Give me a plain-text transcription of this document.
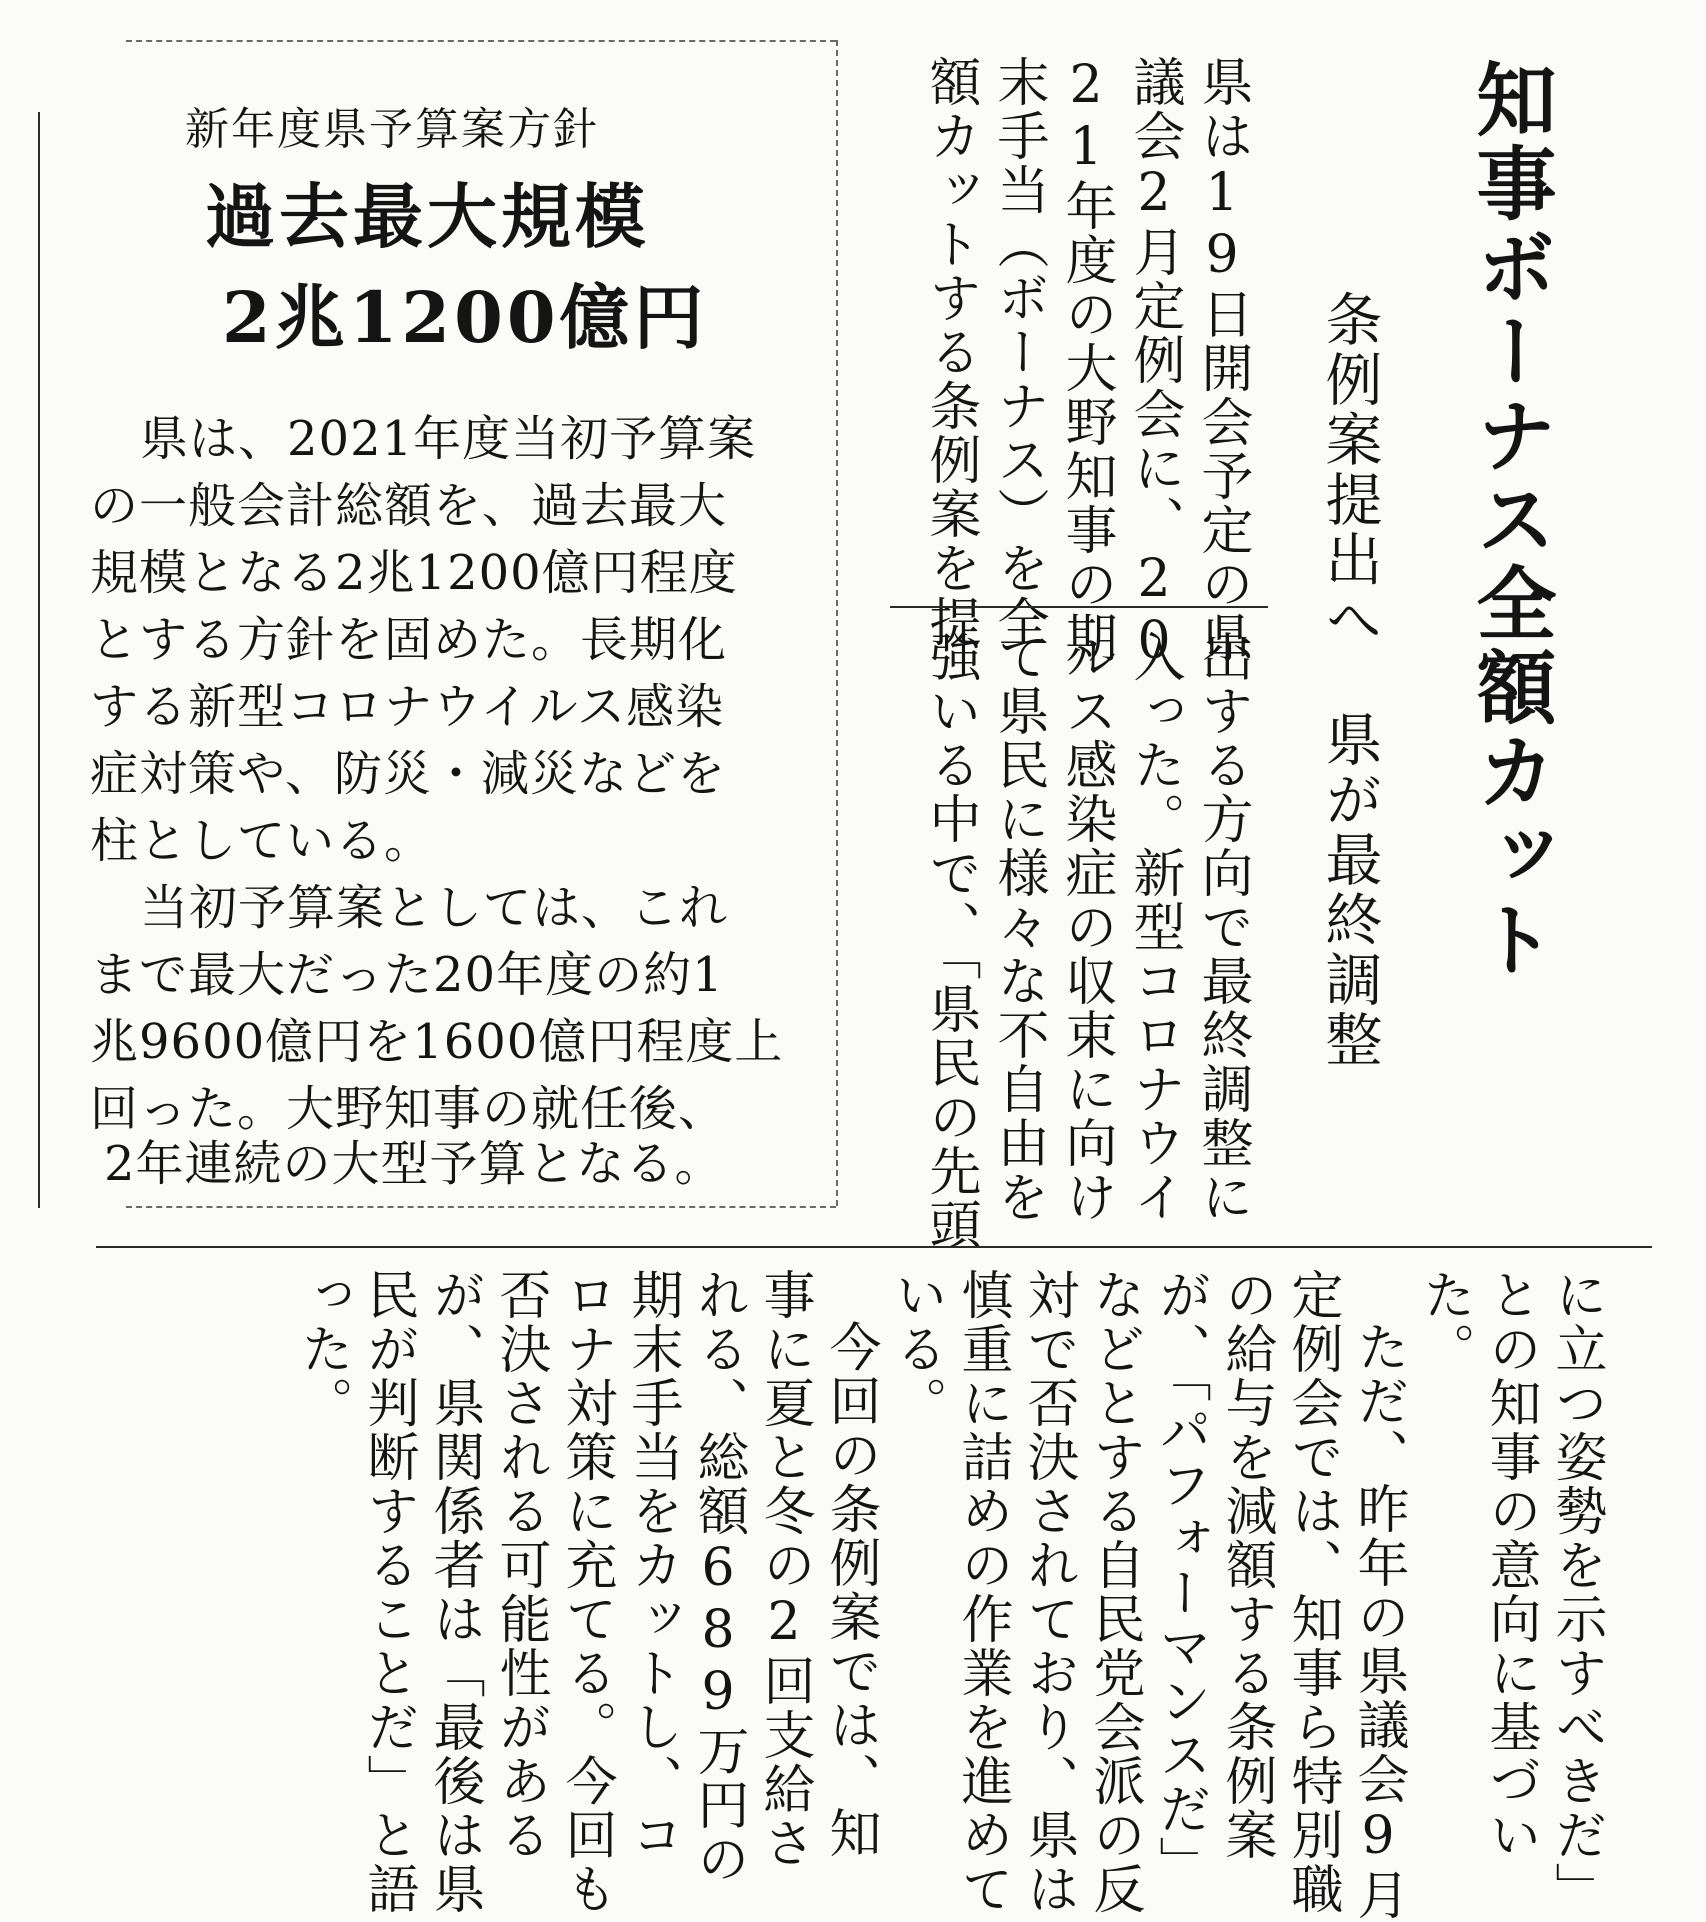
知事ボーナス全額カット
条例案提出へ　県が最終調整
県は19日開会予定の県
議会2月定例会に、20
21年度の大野知事の期
末手当（ボーナス）を全
額カットする条例案を提
出する方向で最終調整に
入った。新型コロナウイ
ルス感染症の収束に向け
て県民に様々な不自由を
強いる中で、「県民の先頭
に立つ姿勢を示すべきだ」
との知事の意向に基づい
た。
ただ、昨年の県議会9月
定例会では、知事ら特別職
の給与を減額する条例案
が、「パフォーマンスだ」
などとする自民党会派の反
対で否決されており、県は
慎重に詰めの作業を進めて
いる。
今回の条例案では、知
事に夏と冬の2回支給さ
れる、総額689万円の
期末手当をカットし、コ
ロナ対策に充てる。今回も
否決される可能性がある
が、県関係者は「最後は県
民が判断することだ」と語
った。
新年度県予算案方針
過去最大規模
2兆1200億円
県は、2021年度当初予算案
の一般会計総額を、過去最大
規模となる2兆1200億円程度
とする方針を固めた。長期化
する新型コロナウイルス感染
症対策や、防災・減災などを
柱としている。
当初予算案としては、これ
まで最大だった20年度の約1
兆9600億円を1600億円程度上
回った。大野知事の就任後、
2年連続の大型予算となる。
